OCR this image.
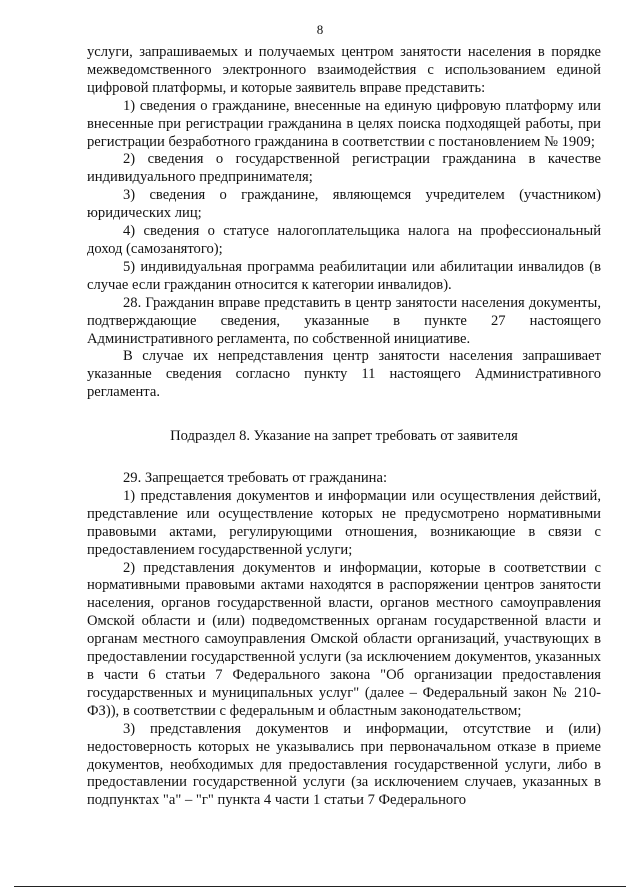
8

услуги, запрашиваемых и получаемых центром занятости населения в порядке межведомственного электронного взаимодействия с использованием единой цифровой платформы, и которые заявитель вправе представить:

1) сведения о гражданине, внесенные на единую цифровую платформу или внесенные при регистрации гражданина в целях поиска подходящей работы, при регистрации безработного гражданина в соответствии с постановлением № 1909;

2) сведения о государственной регистрации гражданина в качестве индивидуального предпринимателя;

3) сведения о гражданине, являющемся учредителем (участником) юридических лиц;

4) сведения о статусе налогоплательщика налога на профессиональный доход (самозанятого);

5) индивидуальная программа реабилитации или абилитации инвалидов (в случае если гражданин относится к категории инвалидов).

28. Гражданин вправе представить в центр занятости населения документы, подтверждающие сведения, указанные в пункте 27 настоящего Административного регламента, по собственной инициативе.

В случае их непредставления центр занятости населения запрашивает указанные сведения согласно пункту 11 настоящего Административного регламента.

Подраздел 8. Указание на запрет требовать от заявителя

29. Запрещается требовать от гражданина:

1) представления документов и информации или осуществления действий, представление или осуществление которых не предусмотрено нормативными правовыми актами, регулирующими отношения, возникающие в связи с предоставлением государственной услуги;

2) представления документов и информации, которые в соответствии с нормативными правовыми актами находятся в распоряжении центров занятости населения, органов государственной власти, органов местного самоуправления Омской области и (или) подведомственных органам государственной власти и органам местного самоуправления Омской области организаций, участвующих в предоставлении государственной услуги (за исключением документов, указанных в части 6 статьи 7 Федерального закона "Об организации предоставления государственных и муниципальных услуг" (далее – Федеральный закон № 210-ФЗ)), в соответствии с федеральным и областным законодательством;

3) представления документов и информации, отсутствие и (или) недостоверность которых не указывались при первоначальном отказе в приеме документов, необходимых для предоставления государственной услуги, либо в предоставлении государственной услуги (за исключением случаев, указанных в подпунктах "а" – "г" пункта 4 части 1 статьи 7 Федерального
